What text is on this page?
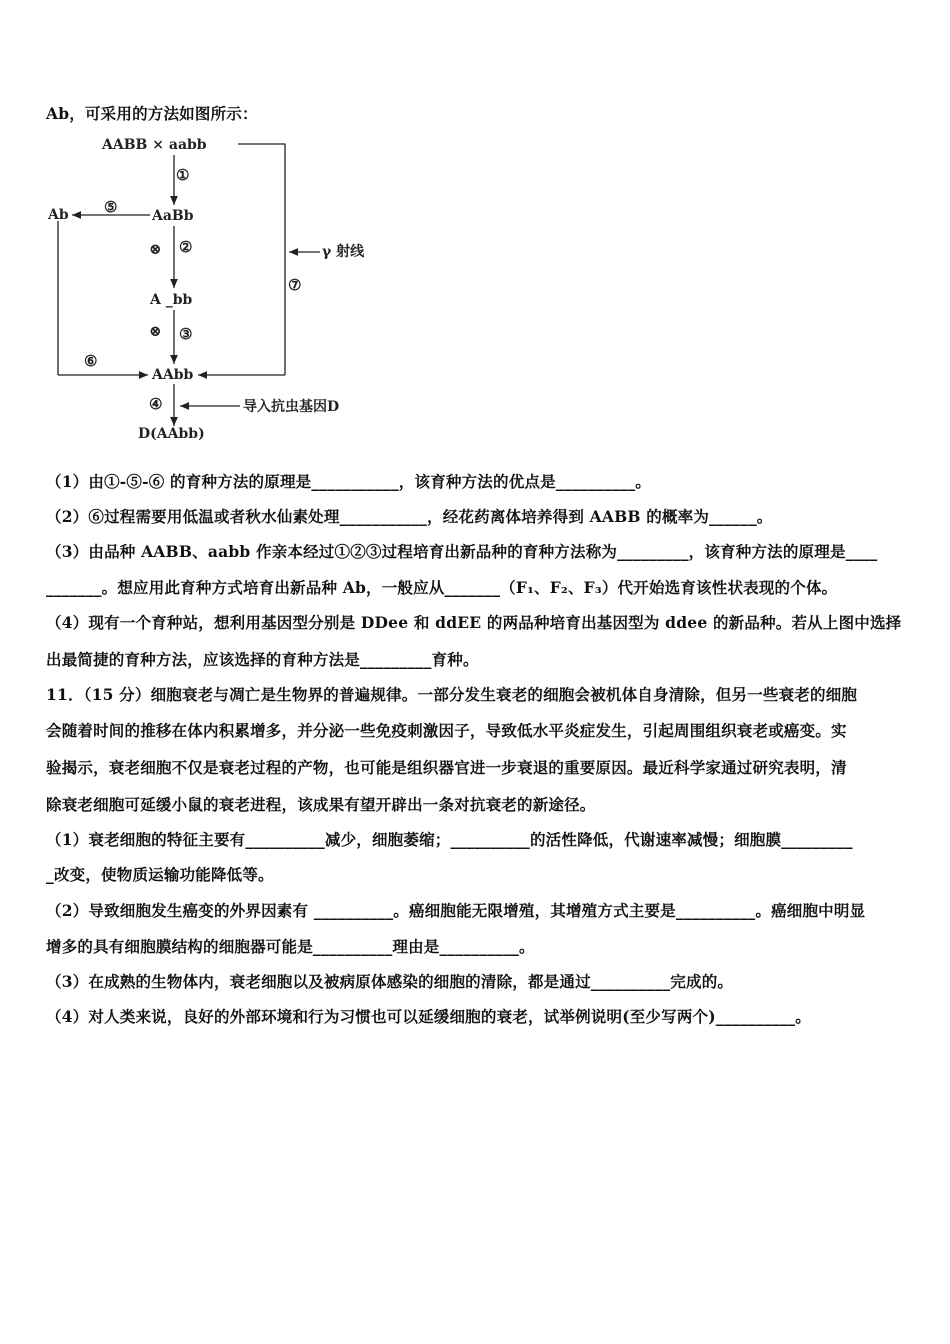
Ab，可采用的方法如图所示：
AABB × aabb
AaBb
Ab
A _bb
AAbb
D(AAbb)
γ 射线
导入抗虫基因D
①
②
③
④
⑤
⑥
⑦
⊗
⊗
（1）由①-⑤-⑥ 的育种方法的原理是___________，该育种方法的优点是__________。
（2）⑥过程需要用低温或者秋水仙素处理___________，经花药离体培养得到 AABB 的概率为______。
（3）由品种 AABB、aabb 作亲本经过①②③过程培育出新品种的育种方法称为_________，该育种方法的原理是____
_______。想应用此育种方式培育出新品种 Ab，一般应从_______（F₁、F₂、F₃）代开始选育该性状表现的个体。
（4）现有一个育种站，想利用基因型分别是 DDee 和 ddEE 的两品种培育出基因型为 ddee 的新品种。若从上图中选择
出最简捷的育种方法，应该选择的育种方法是_________育种。
11．（15 分）细胞衰老与凋亡是生物界的普遍规律。一部分发生衰老的细胞会被机体自身清除，但另一些衰老的细胞
会随着时间的推移在体内积累增多，并分泌一些免疫刺激因子，导致低水平炎症发生，引起周围组织衰老或癌变。实
验揭示，衰老细胞不仅是衰老过程的产物，也可能是组织器官进一步衰退的重要原因。最近科学家通过研究表明，清
除衰老细胞可延缓小鼠的衰老进程，该成果有望开辟出一条对抗衰老的新途径。
（1）衰老细胞的特征主要有__________减少，细胞萎缩；__________的活性降低，代谢速率减慢；细胞膜_________
_改变，使物质运输功能降低等。
（2）导致细胞发生癌变的外界因素有 __________。癌细胞能无限增殖，其增殖方式主要是__________。癌细胞中明显
增多的具有细胞膜结构的细胞器可能是__________理由是__________。
（3）在成熟的生物体内，衰老细胞以及被病原体感染的细胞的清除，都是通过__________完成的。
（4）对人类来说，良好的外部环境和行为习惯也可以延缓细胞的衰老，试举例说明(至少写两个)__________。
